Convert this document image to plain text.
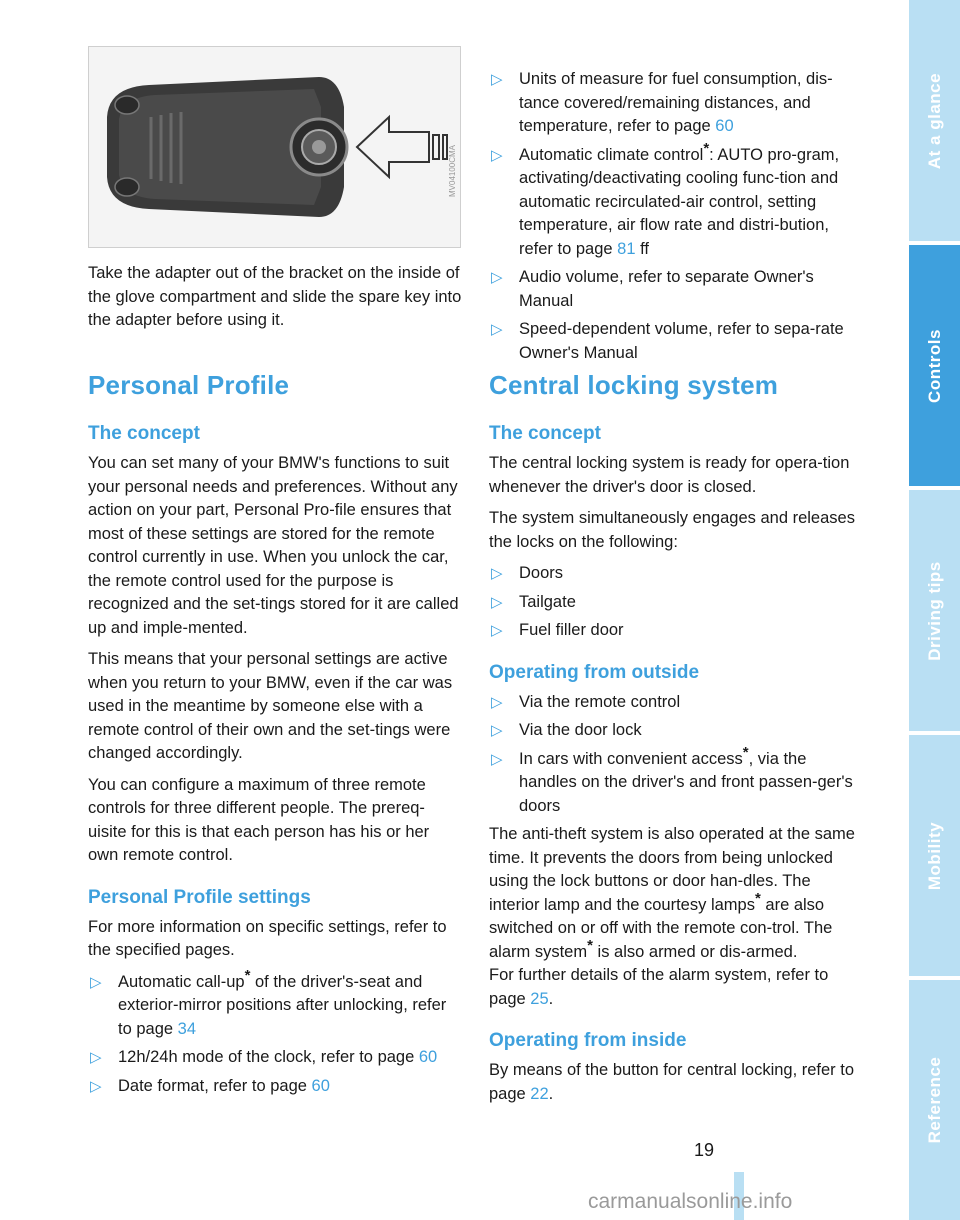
MV04100CMA

Take the adapter out of the bracket on the inside of the glove compartment and slide the spare key into the adapter before using it.

Personal Profile
The concept

You can set many of your BMW's functions to suit your personal needs and preferences. Without any action on your part, Personal Pro-file ensures that most of these settings are stored for the remote control currently in use. When you unlock the car, the remote control used for the purpose is recognized and the set-tings stored for it are called up and imple-mented.

This means that your personal settings are active when you return to your BMW, even if the car was used in the meantime by someone else with a remote control of their own and the set-tings were changed accordingly.

You can configure a maximum of three remote controls for three different people. The prereq-uisite for this is that each person has his or her own remote control.

Personal Profile settings

For more information on specific settings, refer to the specified pages.

▷ Automatic call-up* of the driver's-seat and exterior-mirror positions after unlocking, refer to page 34
▷ 12h/24h mode of the clock, refer to page 60
▷ Date format, refer to page 60
▷ Units of measure for fuel consumption, dis-tance covered/remaining distances, and temperature, refer to page 60
▷ Automatic climate control*: AUTO pro-gram, activating/deactivating cooling func-tion and automatic recirculated-air control, setting temperature, air flow rate and distri-bution, refer to page 81 ff
▷ Audio volume, refer to separate Owner's Manual
▷ Speed-dependent volume, refer to sepa-rate Owner's Manual
Central locking system
The concept

The central locking system is ready for opera-tion whenever the driver's door is closed.

The system simultaneously engages and releases the locks on the following:

▷ Doors
▷ Tailgate
▷ Fuel filler door
Operating from outside
▷ Via the remote control
▷ Via the door lock
▷ In cars with convenient access*, via the handles on the driver's and front passen-ger's doors

The anti-theft system is also operated at the same time. It prevents the doors from being unlocked using the lock buttons or door han-dles. The interior lamp and the courtesy lamps* are also switched on or off with the remote con-trol. The alarm system* is also armed or dis-armed.

For further details of the alarm system, refer to page 25.

Operating from inside

By means of the button for central locking, refer to page 22.

At a glance
Controls
Driving tips
Mobility
Reference
19
carmanualsonline.info
